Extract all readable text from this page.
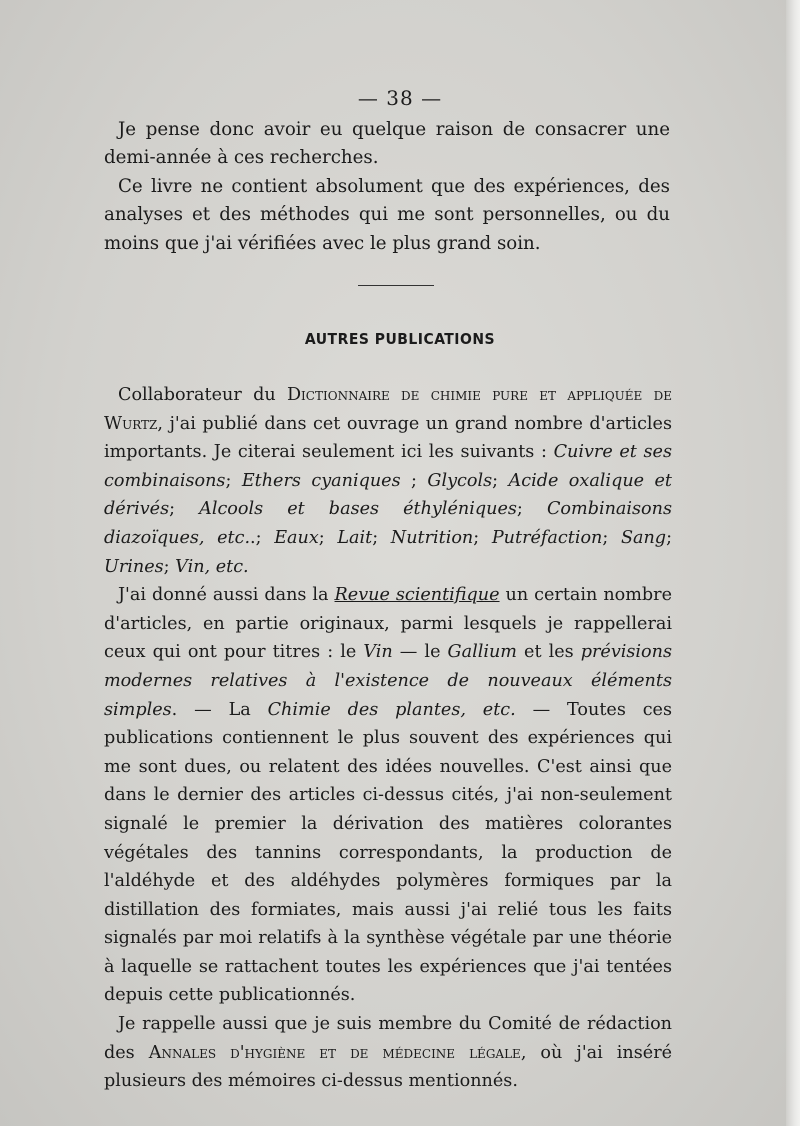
— 38 —

Je pense donc avoir eu quelque raison de consacrer une demi-année à ces recherches.

Ce livre ne contient absolument que des expériences, des analyses et des méthodes qui me sont personnelles, ou du moins que j'ai vérifiées avec le plus grand soin.

AUTRES PUBLICATIONS

Collaborateur du Dictionnaire de chimie pure et appliquée de Wurtz, j'ai publié dans cet ouvrage un grand nombre d'articles importants. Je citerai seulement ici les suivants : Cuivre et ses combinaisons; Ethers cyaniques ; Glycols; Acide oxalique et dérivés; Alcools et bases éthyléniques; Combinaisons diazoïques, etc..; Eaux; Lait; Nutrition; Putréfaction; Sang; Urines; Vin, etc.

J'ai donné aussi dans la Revue scientifique un certain nombre d'articles, en partie originaux, parmi lesquels je rappellerai ceux qui ont pour titres : le Vin — le Gallium et les prévisions modernes relatives à l'existence de nouveaux éléments simples. — La Chimie des plantes, etc. — Toutes ces publications contiennent le plus souvent des expériences qui me sont dues, ou relatent des idées nouvelles. C'est ainsi que dans le dernier des articles ci-dessus cités, j'ai non-seulement signalé le premier la dérivation des matières colorantes végétales des tannins correspondants, la production de l'aldéhyde et des aldéhydes polymères formiques par la distillation des formiates, mais aussi j'ai relié tous les faits signalés par moi relatifs à la synthèse végétale par une théorie à laquelle se rattachent toutes les expériences que j'ai tentées depuis cette publicationnés.

Je rappelle aussi que je suis membre du Comité de rédaction des Annales d'hygiène et de médecine légale, où j'ai inséré plusieurs des mémoires ci-dessus mentionnés.
